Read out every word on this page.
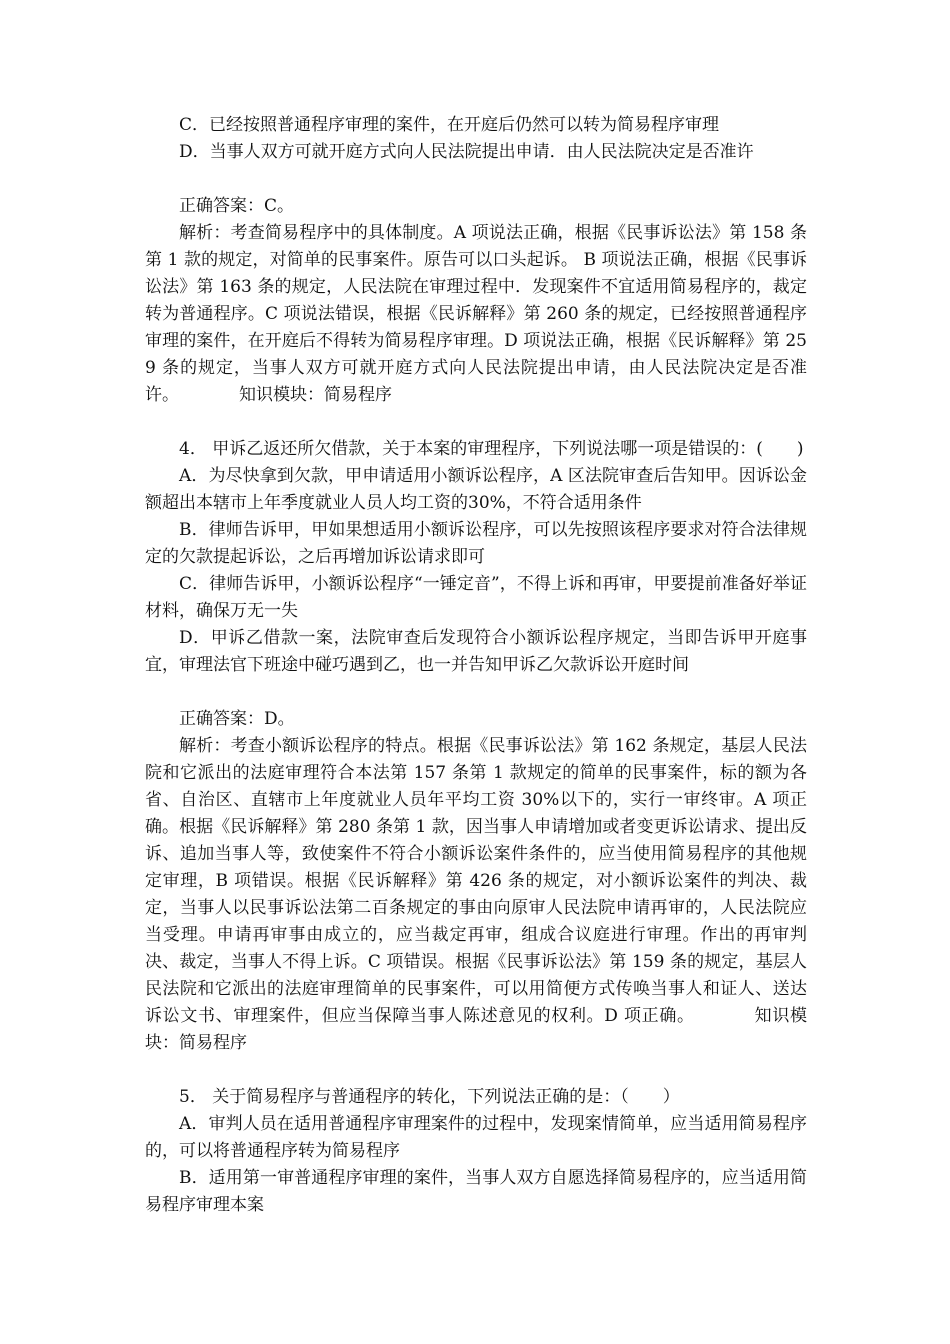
C．已经按照普通程序审理的案件，在开庭后仍然可以转为简易程序审理

D．当事人双方可就开庭方式向人民法院提出申请．由人民法院决定是否准许

正确答案：C。

解析：考查简易程序中的具体制度。A 项说法正确，根据《民事诉讼法》第 158 条第 1 款的规定，对简单的民事案件。原告可以口头起诉。 B 项说法正确，根据《民事诉讼法》第 163 条的规定，人民法院在审理过程中．发现案件不宜适用简易程序的，裁定转为普通程序。C 项说法错误，根据《民诉解释》第 260 条的规定，已经按照普通程序审理的案件，在开庭后不得转为简易程序审理。D 项说法正确，根据《民诉解释》第 259 条的规定，当事人双方可就开庭方式向人民法院提出申请，由人民法院决定是否准许。	知识模块：简易程序

4． 甲诉乙返还所欠借款，关于本案的审理程序，下列说法哪一项是错误的：(　　)

A．为尽快拿到欠款，甲申请适用小额诉讼程序，A 区法院审查后告知甲。因诉讼金额超出本辖市上年季度就业人员人均工资的30%，不符合适用条件

B．律师告诉甲，甲如果想适用小额诉讼程序，可以先按照该程序要求对符合法律规定的欠款提起诉讼，之后再增加诉讼请求即可

C．律师告诉甲，小额诉讼程序“一锤定音”，不得上诉和再审，甲要提前准备好举证材料，确保万无一失

D．甲诉乙借款一案，法院审查后发现符合小额诉讼程序规定，当即告诉甲开庭事宜，审理法官下班途中碰巧遇到乙，也一并告知甲诉乙欠款诉讼开庭时间

正确答案：D。

解析：考查小额诉讼程序的特点。根据《民事诉讼法》第 162 条规定，基层人民法院和它派出的法庭审理符合本法第 157 条第 1 款规定的简单的民事案件，标的额为各省、自治区、直辖市上年度就业人员年平均工资 30%以下的，实行一审终审。A 项正确。根据《民诉解释》第 280 条第 1 款，因当事人申请增加或者变更诉讼请求、提出反诉、追加当事人等，致使案件不符合小额诉讼案件条件的，应当使用简易程序的其他规定审理，B 项错误。根据《民诉解释》第 426 条的规定，对小额诉讼案件的判决、裁定，当事人以民事诉讼法第二百条规定的事由向原审人民法院申请再审的，人民法院应当受理。申请再审事由成立的，应当裁定再审，组成合议庭进行审理。作出的再审判决、裁定，当事人不得上诉。C 项错误。根据《民事诉讼法》第 159 条的规定，基层人民法院和它派出的法庭审理简单的民事案件，可以用简便方式传唤当事人和证人、送达诉讼文书、审理案件，但应当保障当事人陈述意见的权利。D 项正确。	知识模块：简易程序

5． 关于简易程序与普通程序的转化，下列说法正确的是：（　　）

A．审判人员在适用普通程序审理案件的过程中，发现案情简单，应当适用简易程序的，可以将普通程序转为简易程序

B．适用第一审普通程序审理的案件，当事人双方自愿选择简易程序的，应当适用简易程序审理本案
